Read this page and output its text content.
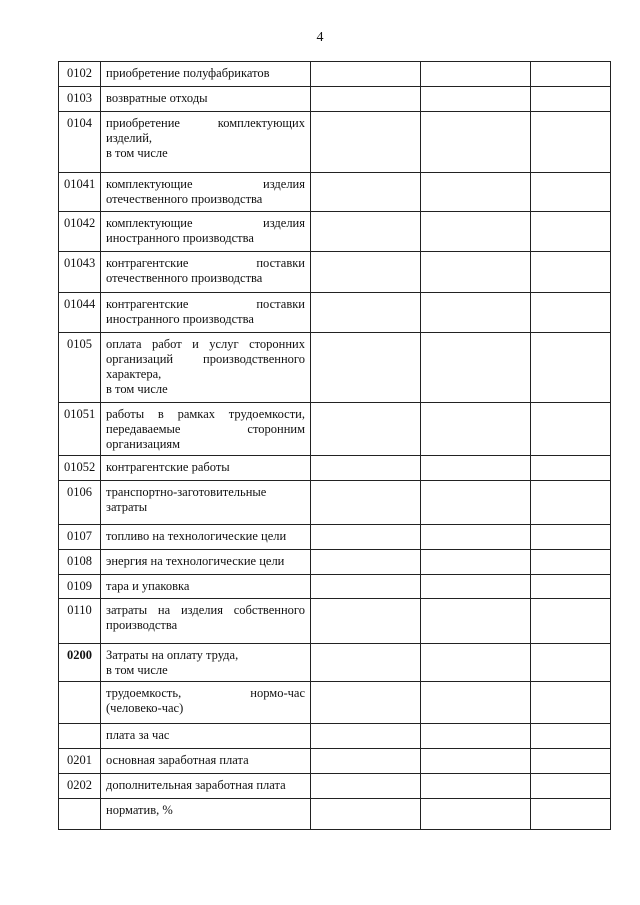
4
0102	приобретение полуфабрикатов			

0103	возвратные отходы			

0104	приобретение комплектующих
изделий,
в том числе			

01041	комплектующие изделия
отечественного производства			

01042	комплектующие изделия
иностранного производства			

01043	контрагентские поставки
отечественного производства			

01044	контрагентские поставки
иностранного производства			

0105	оплата работ и услуг сторонних
организаций производственного
характера,
в том числе			

01051	работы в рамках трудоемкости,
передаваемые сторонним
организациям			

01052	контрагентские работы			

0106	транспортно-заготовительные
затраты			

0107	топливо на технологические цели			

0108	энергия на технологические цели			

0109	тара и упаковка			

0110	затраты на изделия собственного
производства			

0200	Затраты на оплату труда,
в том числе			

	трудоемкость, нормо-час
(человеко-час)			

	плата за час			

0201	основная заработная плата			

0202	дополнительная заработная плата			

	норматив, %			
